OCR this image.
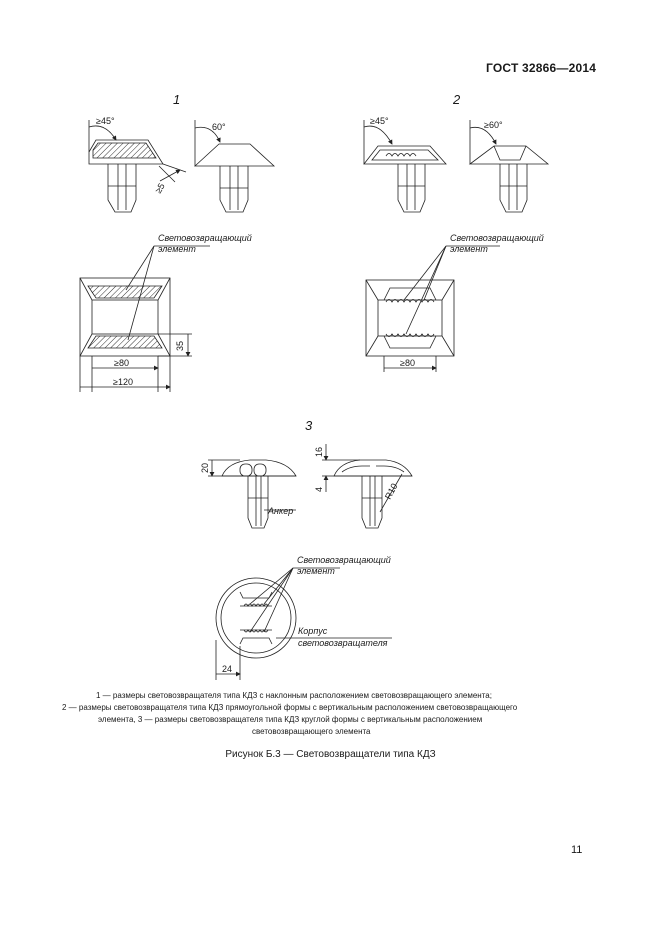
ГОСТ 32866—2014
1	2
≥45°
≥5
60°
Световозвращающий
элемент
≥80
≥120
35
≥45°	≥60°
Световозвращающий
элемент
≥80
3
20
Анкер
16
4	R10
Световозвращающий
элемент
Корпус
световозвращателя
24
1 — размеры световозвращателя типа КДЗ с наклонным расположением световозвращающего элемента;
2 — размеры световозвращателя типа КДЗ прямоугольной формы с вертикальным расположением световозвращающего
элемента, 3 — размеры световозвращателя типа КДЗ круглой формы с вертикальным расположением
световозвращающего элемента
Рисунок Б.3 — Световозвращатели типа КДЗ
11
